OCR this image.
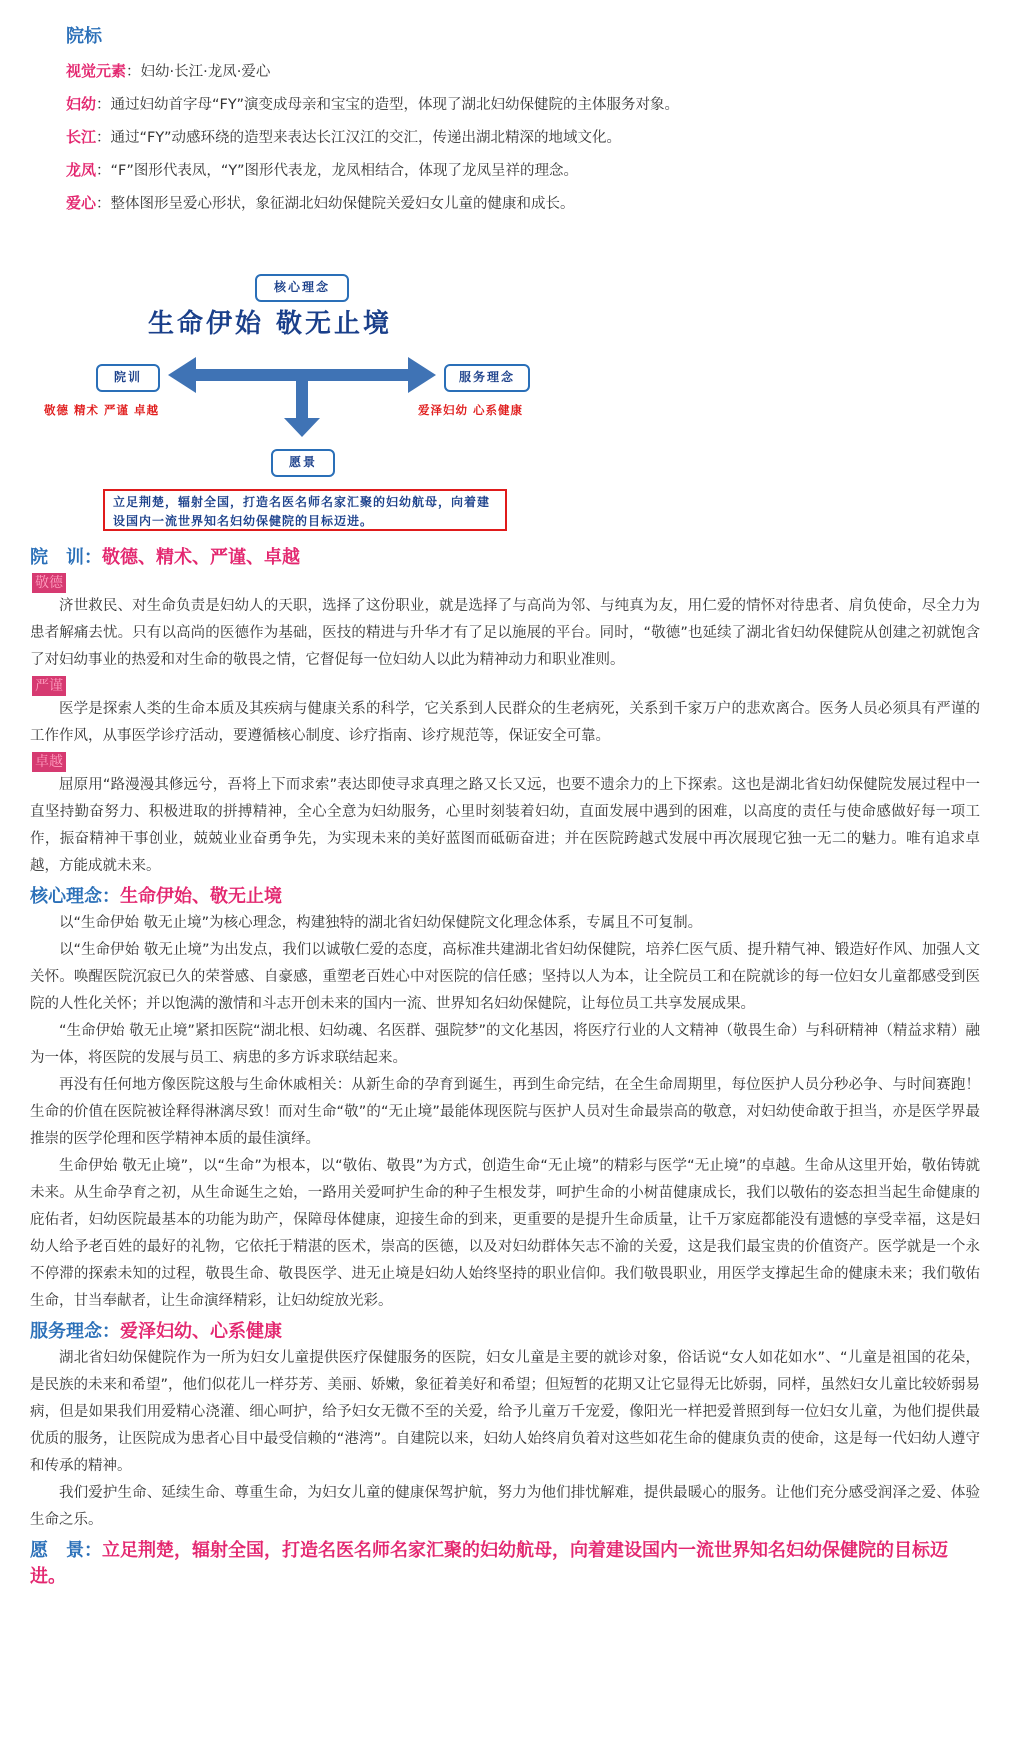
院标

视觉元素：妇幼·长江·龙凤·爱心

妇幼：通过妇幼首字母“FY”演变成母亲和宝宝的造型，体现了湖北妇幼保健院的主体服务对象。

长江：通过“FY”动感环绕的造型来表达长江汉江的交汇，传递出湖北精深的地域文化。

龙凤：“F”图形代表凤，“Y”图形代表龙，龙凤相结合，体现了龙凤呈祥的理念。

爱心：整体图形呈爱心形状，象征湖北妇幼保健院关爱妇女儿童的健康和成长。

核心理念
生命伊始 敬无止境
院训	服务理念
敬德 精术 严谨 卓越	爱泽妇幼 心系健康
愿景
立足荆楚，辐射全国，打造名医名师名家汇聚的妇幼航母，向着建设国内一流世界知名妇幼保健院的目标迈进。

院　训：敬德、精术、严谨、卓越

敬德

济世救民、对生命负责是妇幼人的天职，选择了这份职业，就是选择了与高尚为邻、与纯真为友，用仁爱的情怀对待患者、肩负使命，尽全力为患者解痛去忧。只有以高尚的医德作为基础，医技的精进与升华才有了足以施展的平台。同时，“敬德”也延续了湖北省妇幼保健院从创建之初就饱含了对妇幼事业的热爱和对生命的敬畏之情，它督促每一位妇幼人以此为精神动力和职业准则。

严谨

医学是探索人类的生命本质及其疾病与健康关系的科学，它关系到人民群众的生老病死，关系到千家万户的悲欢离合。医务人员必须具有严谨的工作作风，从事医学诊疗活动，要遵循核心制度、诊疗指南、诊疗规范等，保证安全可靠。

卓越

屈原用“路漫漫其修远兮，吾将上下而求索”表达即使寻求真理之路又长又远，也要不遗余力的上下探索。这也是湖北省妇幼保健院发展过程中一直坚持勤奋努力、积极进取的拼搏精神，全心全意为妇幼服务，心里时刻装着妇幼，直面发展中遇到的困难，以高度的责任与使命感做好每一项工作，振奋精神干事创业，兢兢业业奋勇争先，为实现未来的美好蓝图而砥砺奋进；并在医院跨越式发展中再次展现它独一无二的魅力。唯有追求卓越，方能成就未来。

核心理念：生命伊始、敬无止境

以“生命伊始 敬无止境”为核心理念，构建独特的湖北省妇幼保健院文化理念体系，专属且不可复制。

以“生命伊始 敬无止境”为出发点，我们以诚敬仁爱的态度，高标准共建湖北省妇幼保健院，培养仁医气质、提升精气神、锻造好作风、加强人文关怀。唤醒医院沉寂已久的荣誉感、自豪感，重塑老百姓心中对医院的信任感；坚持以人为本，让全院员工和在院就诊的每一位妇女儿童都感受到医院的人性化关怀；并以饱满的激情和斗志开创未来的国内一流、世界知名妇幼保健院，让每位员工共享发展成果。

“生命伊始 敬无止境”紧扣医院“湖北根、妇幼魂、名医群、强院梦”的文化基因，将医疗行业的人文精神（敬畏生命）与科研精神（精益求精）融为一体，将医院的发展与员工、病患的多方诉求联结起来。

再没有任何地方像医院这般与生命休戚相关：从新生命的孕育到诞生，再到生命完结，在全生命周期里，每位医护人员分秒必争、与时间赛跑！生命的价值在医院被诠释得淋漓尽致！而对生命“敬”的“无止境”最能体现医院与医护人员对生命最崇高的敬意，对妇幼使命敢于担当，亦是医学界最推崇的医学伦理和医学精神本质的最佳演绎。

生命伊始 敬无止境”，以“生命”为根本，以“敬佑、敬畏”为方式，创造生命“无止境”的精彩与医学“无止境”的卓越。生命从这里开始，敬佑铸就未来。从生命孕育之初，从生命诞生之始，一路用关爱呵护生命的种子生根发芽，呵护生命的小树苗健康成长，我们以敬佑的姿态担当起生命健康的庇佑者，妇幼医院最基本的功能为助产，保障母体健康，迎接生命的到来，更重要的是提升生命质量，让千万家庭都能没有遗憾的享受幸福，这是妇幼人给予老百姓的最好的礼物，它依托于精湛的医术，崇高的医德，以及对妇幼群体矢志不渝的关爱，这是我们最宝贵的价值资产。医学就是一个永不停滞的探索未知的过程，敬畏生命、敬畏医学、进无止境是妇幼人始终坚持的职业信仰。我们敬畏职业，用医学支撑起生命的健康未来；我们敬佑生命，甘当奉献者，让生命演绎精彩，让妇幼绽放光彩。

服务理念：爱泽妇幼、心系健康

湖北省妇幼保健院作为一所为妇女儿童提供医疗保健服务的医院，妇女儿童是主要的就诊对象，俗话说“女人如花如水”、“儿童是祖国的花朵，是民族的未来和希望”，他们似花儿一样芬芳、美丽、娇嫩，象征着美好和希望；但短暂的花期又让它显得无比娇弱，同样，虽然妇女儿童比较娇弱易病，但是如果我们用爱精心浇灌、细心呵护，给予妇女无微不至的关爱，给予儿童万千宠爱，像阳光一样把爱普照到每一位妇女儿童，为他们提供最优质的服务，让医院成为患者心目中最受信赖的“港湾”。自建院以来，妇幼人始终肩负着对这些如花生命的健康负责的使命，这是每一代妇幼人遵守和传承的精神。

我们爱护生命、延续生命、尊重生命，为妇女儿童的健康保驾护航，努力为他们排忧解难，提供最暖心的服务。让他们充分感受润泽之爱、体验生命之乐。

愿　景：立足荆楚，辐射全国，打造名医名师名家汇聚的妇幼航母，向着建设国内一流世界知名妇幼保健院的目标迈进。
